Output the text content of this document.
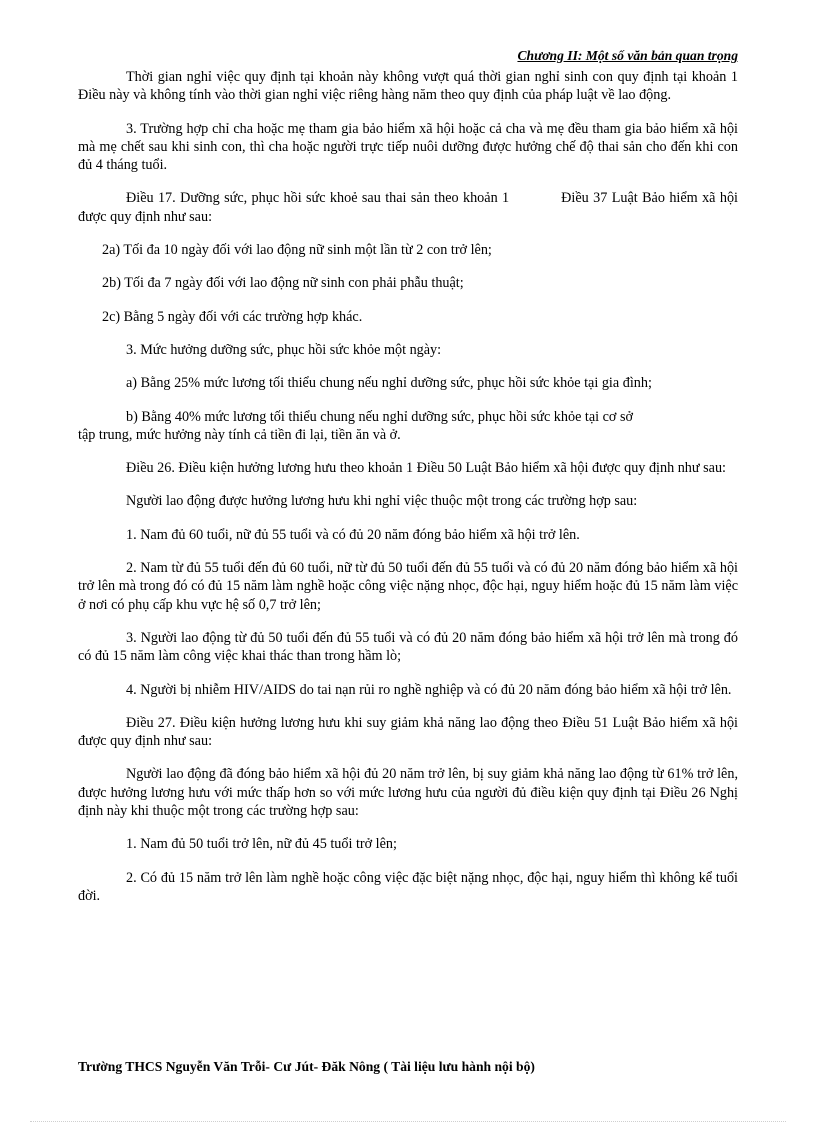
Chương II: Một số văn bản quan trọng

Thời gian nghỉ việc quy định tại khoản này không vượt quá thời gian nghỉ sinh con quy định tại khoản 1 Điều này và không tính vào thời gian nghỉ việc riêng hàng năm theo quy định của pháp luật về lao động.

3. Trường hợp chỉ cha hoặc mẹ tham gia bảo hiểm xã hội hoặc cả cha và mẹ đều tham gia bảo hiểm xã hội mà mẹ chết sau khi sinh con, thì cha hoặc người trực tiếp nuôi dưỡng được hưởng chế độ thai sản cho đến khi con đủ 4 tháng tuổi.

Điều 17. Dưỡng sức, phục hồi sức khoẻ sau thai sản theo khoản 1	Điều 37 Luật Bảo hiểm xã hội được quy định như sau:

2a) Tối đa 10 ngày đối với lao động nữ sinh một lần từ 2 con trở lên;

2b) Tối đa 7 ngày đối với lao động nữ sinh con phải phẫu thuật;

2c) Bằng 5 ngày đối với các trường hợp khác.

3. Mức hưởng dưỡng sức, phục hồi sức khỏe một ngày:

a) Bằng 25% mức lương tối thiểu chung nếu nghỉ dưỡng sức, phục hồi sức khỏe tại gia đình;

b) Bằng 40% mức lương tối thiểu chung nếu nghỉ dưỡng sức, phục hồi sức khỏe tại cơ sở

tập trung, mức hưởng này tính cả tiền đi lại, tiền ăn và ở.

Điều 26. Điều kiện hưởng lương hưu theo khoản 1 Điều 50 Luật Bảo hiểm xã hội được quy định như sau:

Người lao động được hưởng lương hưu khi nghỉ việc thuộc một trong các trường hợp sau:

1. Nam đủ 60 tuổi, nữ đủ 55 tuổi và có đủ 20 năm đóng bảo hiểm xã hội trở lên.

2. Nam từ đủ 55 tuổi đến đủ 60 tuổi, nữ từ đủ 50 tuổi đến đủ 55 tuổi và có đủ 20 năm đóng bảo hiểm xã hội trở lên mà trong đó có đủ 15 năm làm nghề hoặc công việc nặng nhọc, độc hại, nguy hiểm hoặc đủ 15 năm làm việc ở nơi có phụ cấp khu vực hệ số 0,7 trở lên;

3. Người lao động từ đủ 50 tuổi đến đủ 55 tuổi và có đủ 20 năm đóng bảo hiểm xã hội trở lên mà trong đó có đủ 15 năm làm công việc khai thác than trong hầm lò;

4. Người bị nhiễm HIV/AIDS do tai nạn rủi ro nghề nghiệp và có đủ 20 năm đóng bảo hiểm xã hội trở lên.

Điều 27. Điều kiện hưởng lương hưu khi suy giảm khả năng lao động theo Điều 51 Luật Bảo hiểm xã hội được quy định như sau:

Người lao động đã đóng bảo hiểm xã hội đủ 20 năm trở lên, bị suy giảm khả năng lao động từ 61% trở lên, được hưởng lương hưu với mức thấp hơn so với mức lương hưu của người đủ điều kiện quy định tại Điều 26 Nghị định này khi thuộc một trong các trường hợp sau:

1. Nam đủ 50 tuổi trở lên, nữ đủ 45 tuổi trở lên;

2. Có đủ 15 năm trở lên làm nghề hoặc công việc đặc biệt nặng nhọc, độc hại, nguy hiểm thì không kể tuổi đời.

Trường THCS Nguyễn Văn Trỗi- Cư Jút- Đăk Nông ( Tài liệu lưu hành nội bộ)
